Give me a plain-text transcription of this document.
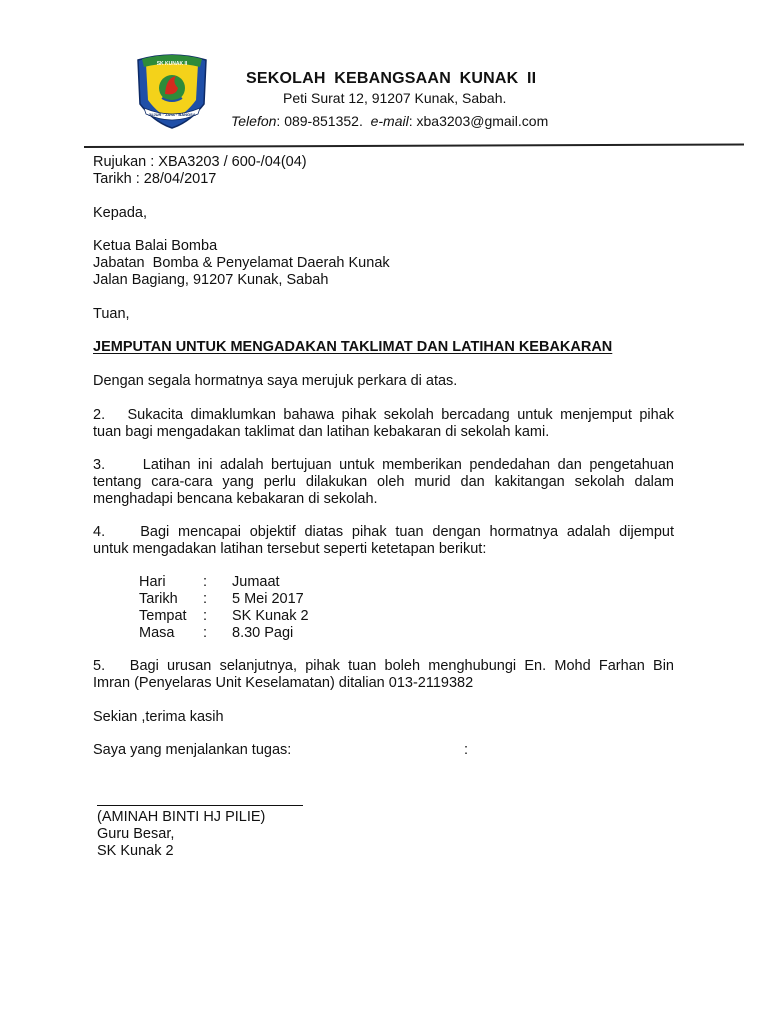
SK KUNAK II
JUJUR · JAYA · BANGSA
SEKOLAH KEBANGSAAN KUNAK II
Peti Surat 12, 91207 Kunak, Sabah.
Telefon: 089-851352. e-mail: xba3203@gmail.com
Rujukan : XBA3203 / 600-/04(04)
Tarikh : 28/04/2017
Kepada,
Ketua Balai Bomba
Jabatan  Bomba & Penyelamat Daerah Kunak
Jalan Bagiang, 91207 Kunak, Sabah
Tuan,
JEMPUTAN UNTUK MENGADAKAN TAKLIMAT DAN LATIHAN KEBAKARAN
Dengan segala hormatnya saya merujuk perkara di atas.
2.   Sukacita dimaklumkan bahawa pihak sekolah bercadang untuk menjemput pihak
tuan bagi mengadakan taklimat dan latihan kebakaran di sekolah kami.
3.     Latihan ini adalah bertujuan untuk memberikan pendedahan dan pengetahuan
tentang cara-cara yang perlu dilakukan oleh murid dan kakitangan sekolah dalam
menghadapi bencana kebakaran di sekolah.
4.    Bagi mencapai objektif diatas pihak tuan dengan hormatnya adalah dijemput
untuk mengadakan latihan tersebut seperti ketetapan berikut:
Hari	: Jumaat
Tarikh : 5 Mei 2017
Tempat : SK Kunak 2
Masa : 8.30 Pagi
5.   Bagi urusan selanjutnya, pihak tuan boleh menghubungi En. Mohd Farhan Bin
Imran (Penyelaras Unit Keselamatan) ditalian 013-2119382
Sekian ,terima kasih
Saya yang menjalankan tugas:	:
(AMINAH BINTI HJ PILIE)
Guru Besar,
SK Kunak 2
